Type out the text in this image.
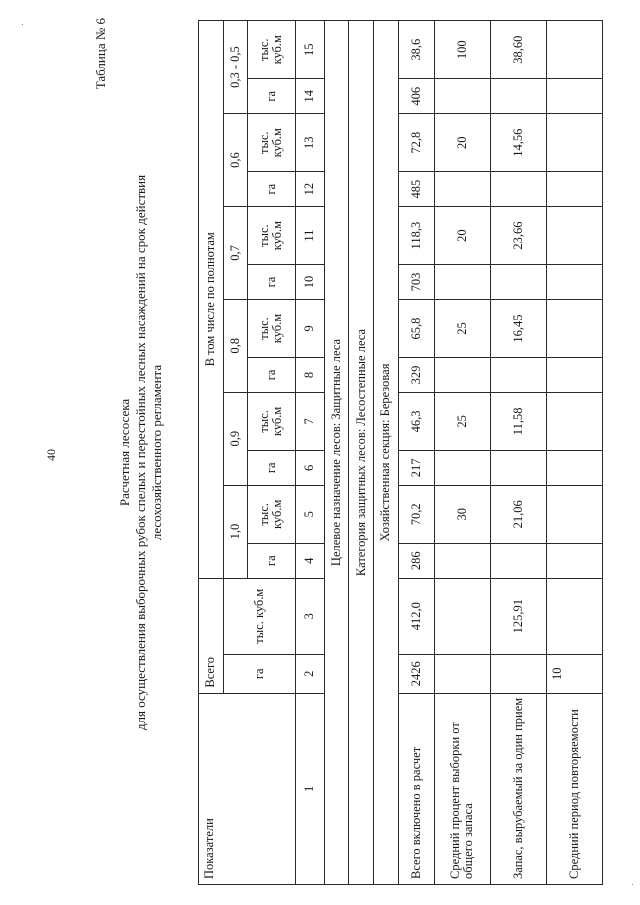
40
Таблица № 6
Расчетная лесосека для осуществления выборочных рубок спелых и перестойных лесных насаждений на срок действия лесохозяйственного регламента
Показатели	Всего		В том числе по полнотам											
	га	тыс. куб.м	1,0		0,9		0,8		0,7		0,6		0,3 - 0,5	
			га	тыс. куб.м	га	тыс. куб.м	га	тыс. куб.м	га	тыс. куб.м	га	тыс. куб.м	га	тыс. куб.м
1	2	3	4	5	6	7	8	9	10	11	12	13	14	15
Целевое назначение лесов: Защитные леса														
Категория защитных лесов: Лесостепные леса														
Хозяйственная секция: Березовая														
Всего включено в расчет	2426	412,0	286	70,2	217	46,3	329	65,8	703	118,3	485	72,8	406	38,6
Средний процент выборки от общего запаса				30		25		25		20		20		100
Запас, вырубаемый за один прием		125,91		21,06		11,58		16,45		23,66		14,56		38,60
Средний период повторяемости	10													
